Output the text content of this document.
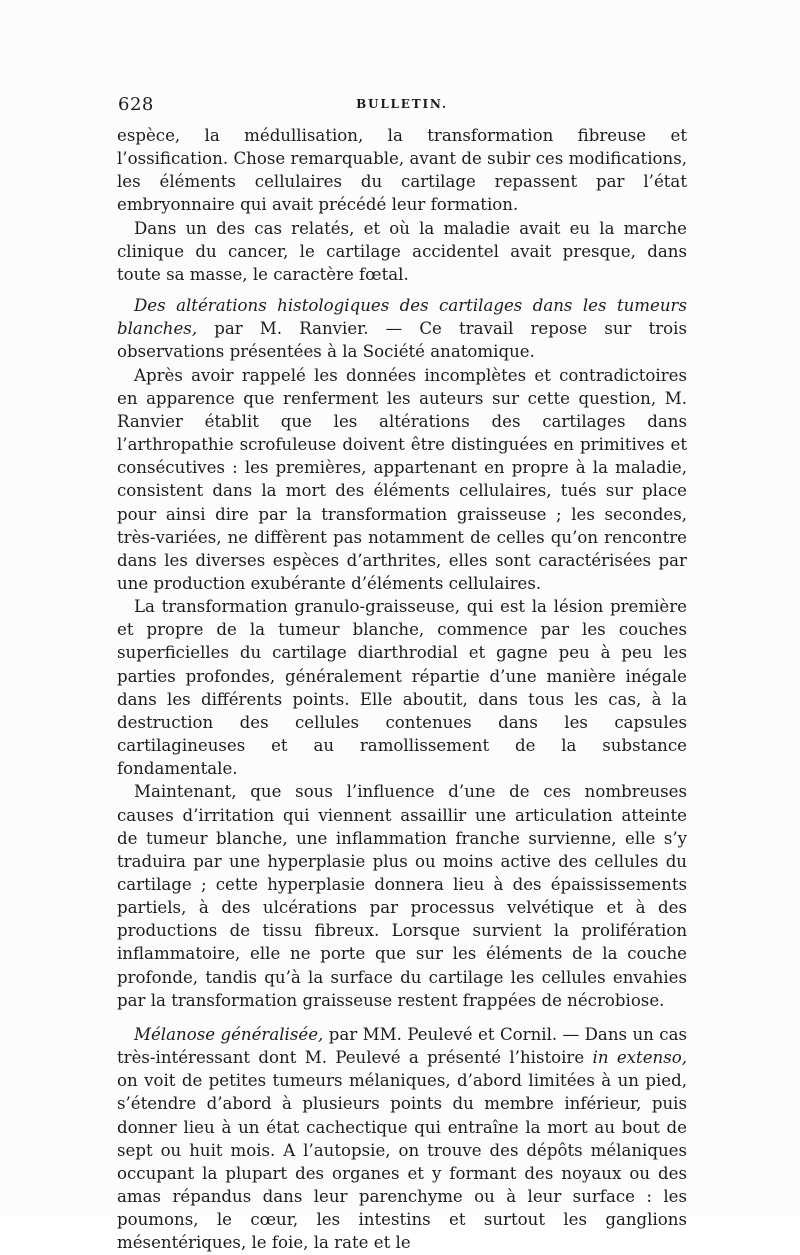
628	BULLETIN.

espèce, la médullisation, la transformation fibreuse et l’ossification. Chose remarquable, avant de subir ces modifications, les éléments cellulaires du cartilage repassent par l’état embryonnaire qui avait précédé leur formation.

Dans un des cas relatés, et où la maladie avait eu la marche clinique du cancer, le cartilage accidentel avait presque, dans toute sa masse, le caractère fœtal.

Des altérations histologiques des cartilages dans les tumeurs blanches, par M. Ranvier. — Ce travail repose sur trois observations présentées à la Société anatomique.

Après avoir rappelé les données incomplètes et contradictoires en apparence que renferment les auteurs sur cette question, M. Ranvier établit que les altérations des cartilages dans l’arthropathie scrofuleuse doivent être distinguées en primitives et consécutives : les premières, appartenant en propre à la maladie, consistent dans la mort des éléments cellulaires, tués sur place pour ainsi dire par la transformation graisseuse ; les secondes, très-variées, ne diffèrent pas notamment de celles qu’on rencontre dans les diverses espèces d’arthrites, elles sont caractérisées par une production exubérante d’éléments cellulaires.

La transformation granulo-graisseuse, qui est la lésion première et propre de la tumeur blanche, commence par les couches superficielles du cartilage diarthrodial et gagne peu à peu les parties profondes, généralement répartie d’une manière inégale dans les différents points. Elle aboutit, dans tous les cas, à la destruction des cellules contenues dans les capsules cartilagineuses et au ramollissement de la substance fondamentale.

Maintenant, que sous l’influence d’une de ces nombreuses causes d’irritation qui viennent assaillir une articulation atteinte de tumeur blanche, une inflammation franche survienne, elle s’y traduira par une hyperplasie plus ou moins active des cellules du cartilage ; cette hyperplasie donnera lieu à des épaississements partiels, à des ulcérations par processus velvétique et à des productions de tissu fibreux. Lorsque survient la prolifération inflammatoire, elle ne porte que sur les éléments de la couche profonde, tandis qu’à la surface du cartilage les cellules envahies par la transformation graisseuse restent frappées de nécrobiose.

Mélanose généralisée, par MM. Peulevé et Cornil. — Dans un cas très-intéressant dont M. Peulevé a présenté l’histoire in extenso, on voit de petites tumeurs mélaniques, d’abord limitées à un pied, s’étendre d’abord à plusieurs points du membre inférieur, puis donner lieu à un état cachectique qui entraîne la mort au bout de sept ou huit mois. A l’autopsie, on trouve des dépôts mélaniques occupant la plupart des organes et y formant des noyaux ou des amas répandus dans leur parenchyme ou à leur surface : les poumons, le cœur, les intestins et surtout les ganglions mésentériques, le foie, la rate et le
